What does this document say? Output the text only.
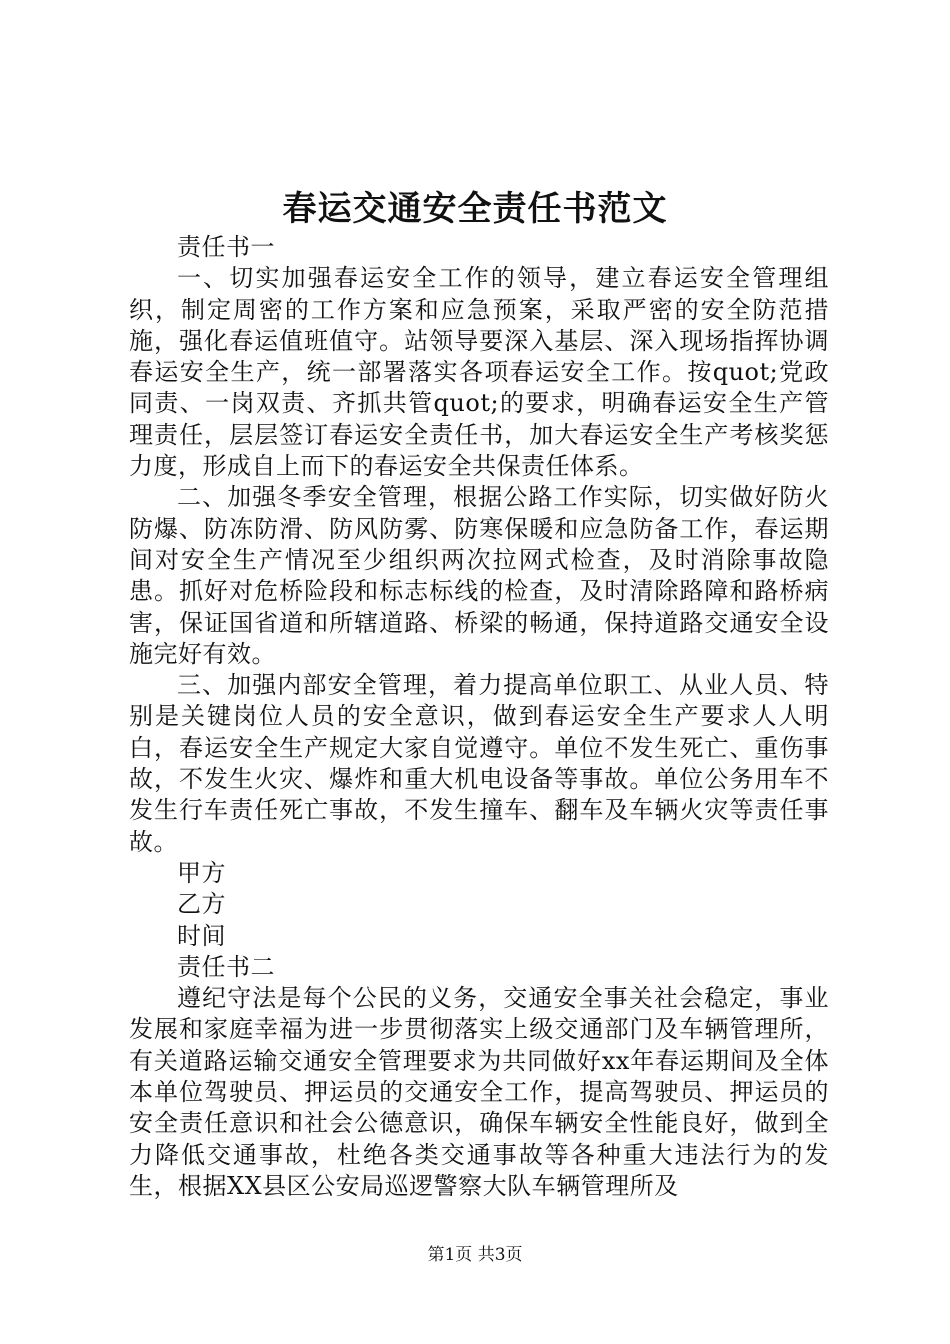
春运交通安全责任书范文

责任书一

一、切实加强春运安全工作的领导，建立春运安全管理组织，制定周密的工作方案和应急预案，采取严密的安全防范措施，强化春运值班值守。站领导要深入基层、深入现场指挥协调春运安全生产，统一部署落实各项春运安全工作。按quot;党政同责、一岗双责、齐抓共管quot;的要求，明确春运安全生产管理责任，层层签订春运安全责任书，加大春运安全生产考核奖惩力度，形成自上而下的春运安全共保责任体系。

二、加强冬季安全管理，根据公路工作实际，切实做好防火防爆、防冻防滑、防风防雾、防寒保暖和应急防备工作，春运期间对安全生产情况至少组织两次拉网式检查，及时消除事故隐患。抓好对危桥险段和标志标线的检查，及时清除路障和路桥病害，保证国省道和所辖道路、桥梁的畅通，保持道路交通安全设施完好有效。

三、加强内部安全管理，着力提高单位职工、从业人员、特别是关键岗位人员的安全意识，做到春运安全生产要求人人明白，春运安全生产规定大家自觉遵守。单位不发生死亡、重伤事故，不发生火灾、爆炸和重大机电设备等事故。单位公务用车不发生行车责任死亡事故，不发生撞车、翻车及车辆火灾等责任事故。

甲方

乙方

时间

责任书二

遵纪守法是每个公民的义务，交通安全事关社会稳定，事业发展和家庭幸福为进一步贯彻落实上级交通部门及车辆管理所，有关道路运输交通安全管理要求为共同做好xx年春运期间及全体本单位驾驶员、押运员的交通安全工作，提高驾驶员、押运员的安全责任意识和社会公德意识，确保车辆安全性能良好，做到全力降低交通事故，杜绝各类交通事故等各种重大违法行为的发生，根据XX县区公安局巡逻警察大队车辆管理所及

第1页 共3页
